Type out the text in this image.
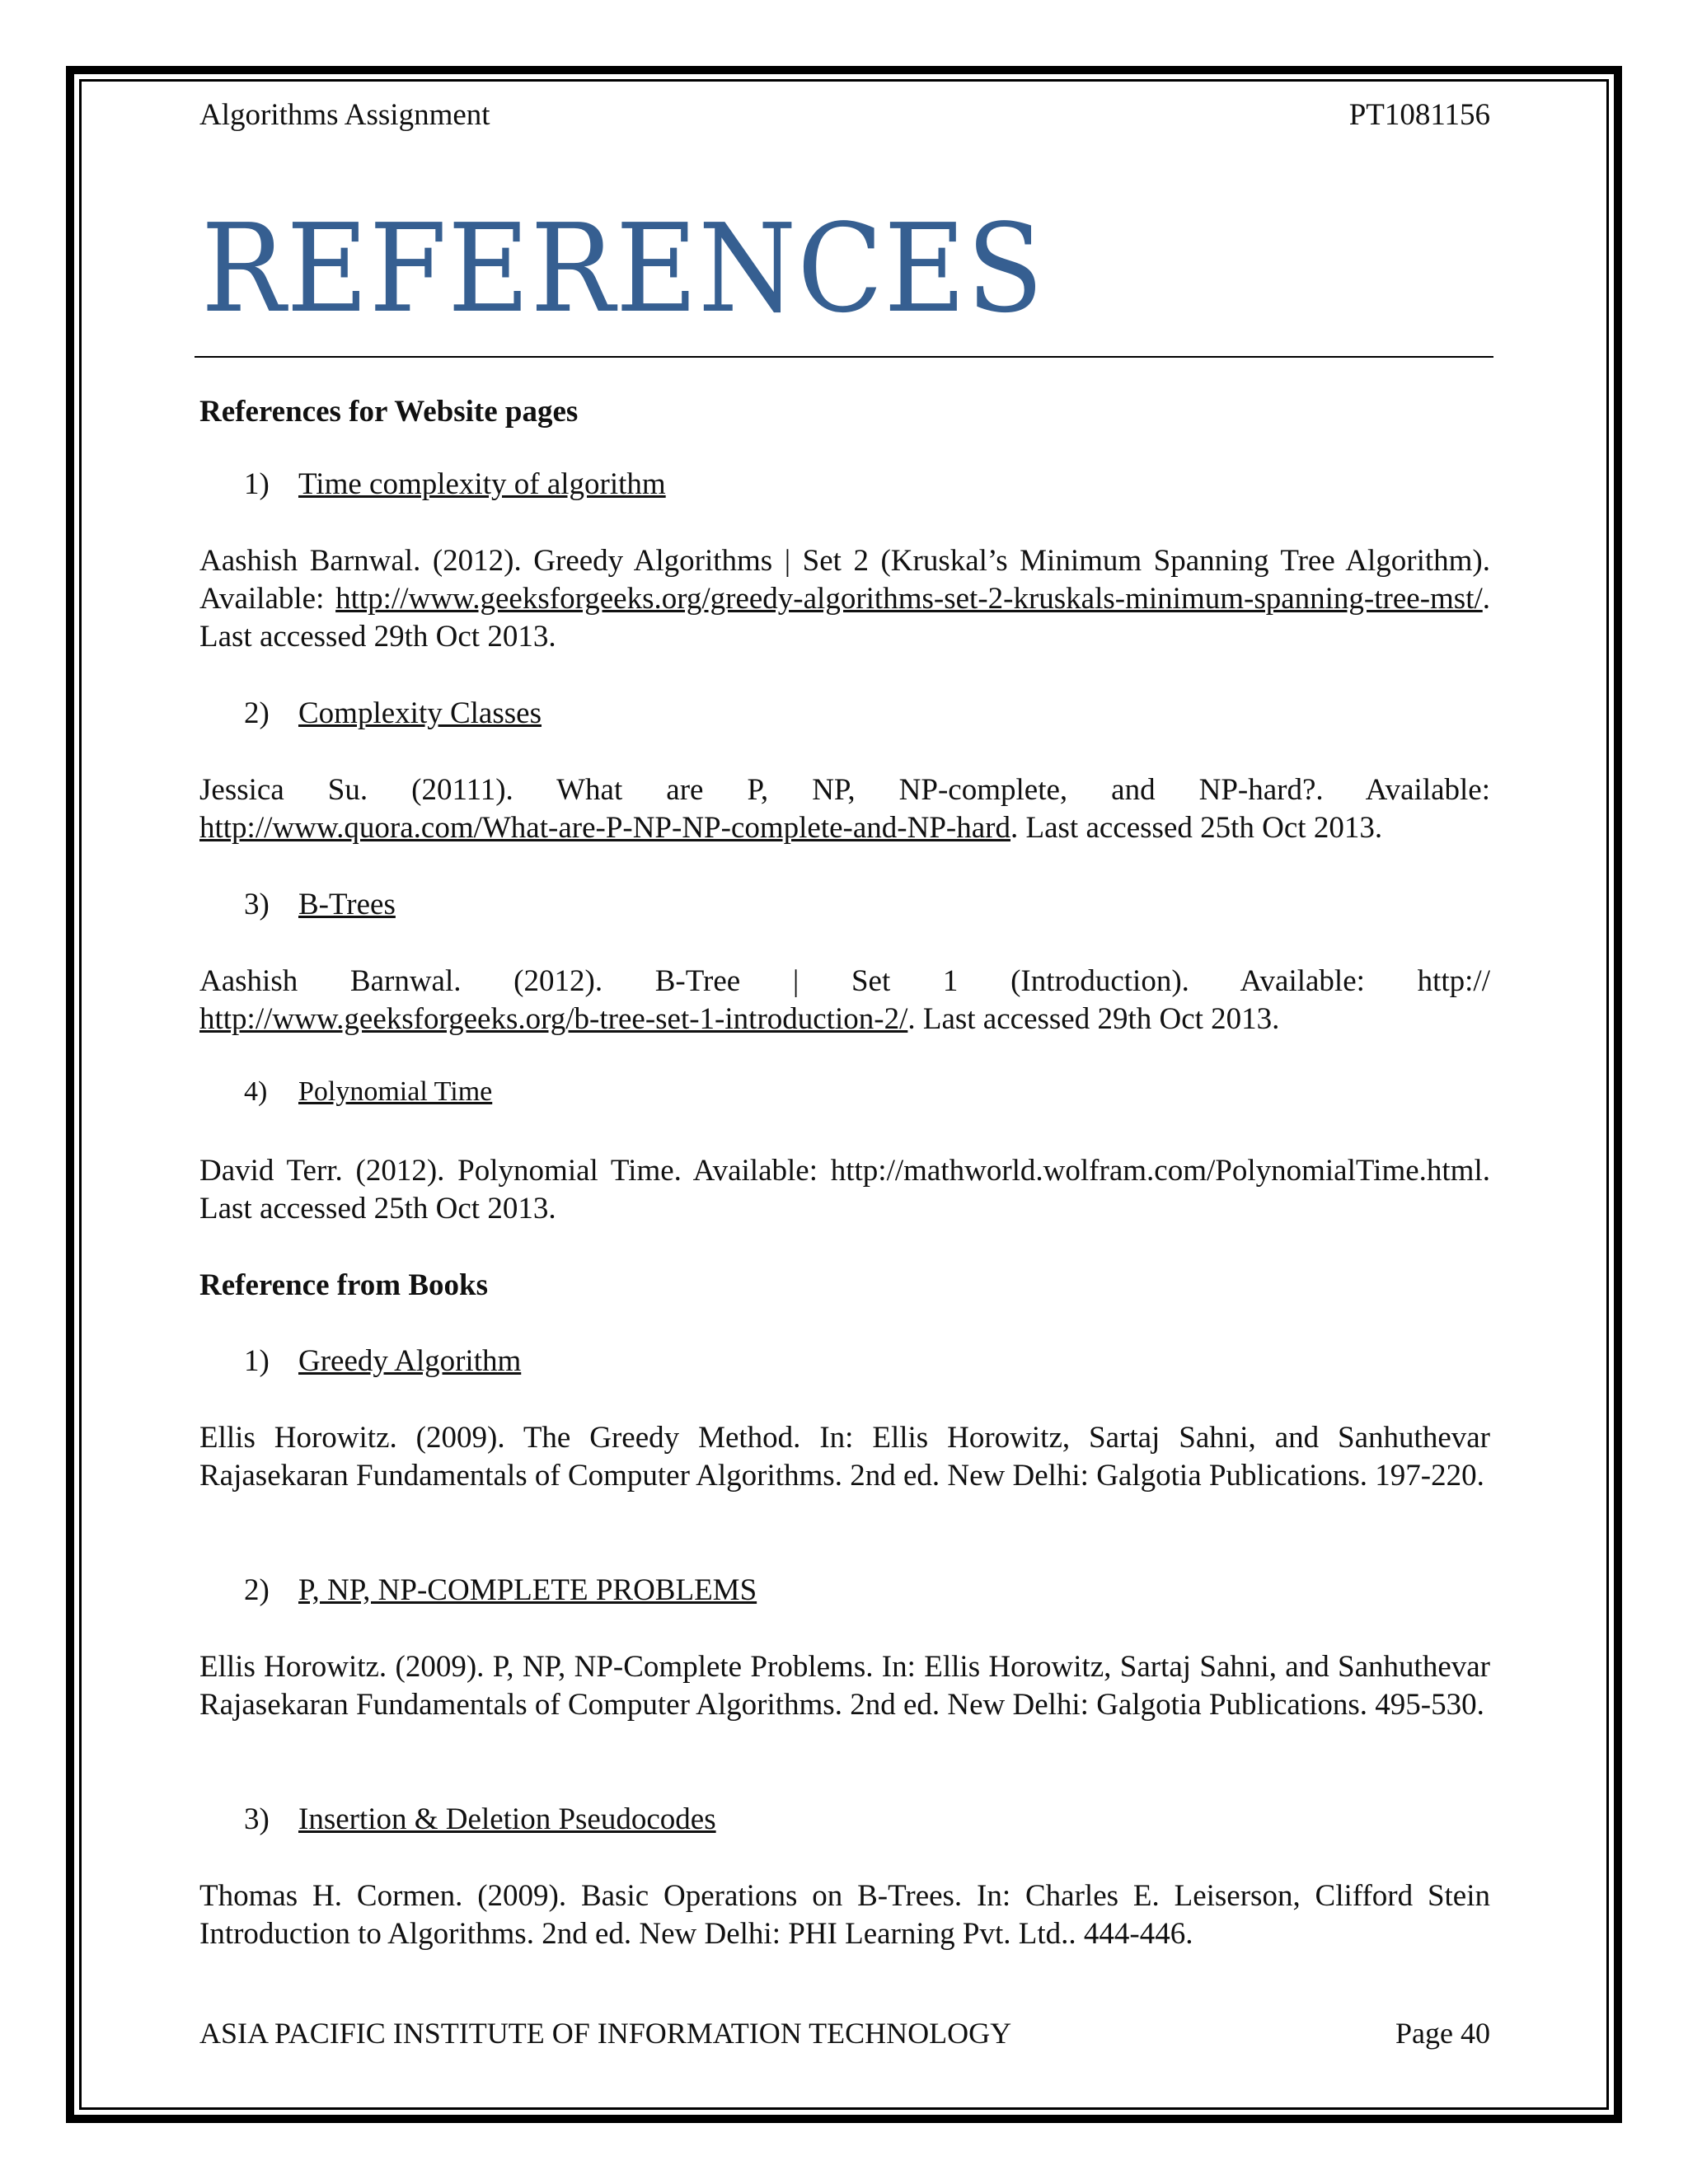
Algorithms Assignment	PT1081156
REFERENCES
References for Website pages
1) Time complexity of algorithm
Aashish Barnwal. (2012). Greedy Algorithms | Set 2 (Kruskal’s Minimum Spanning Tree Algorithm). Available: http://www.geeksforgeeks.org/greedy-algorithms-set-2-kruskals-minimum-spanning-tree-mst/. Last accessed 29th Oct 2013.
2) Complexity Classes
Jessica Su. (20111). What are P, NP, NP-complete, and NP-hard?. Available: http://www.quora.com/What-are-P-NP-NP-complete-and-NP-hard. Last accessed 25th Oct 2013.
3) B-Trees
Aashish Barnwal. (2012). B-Tree | Set 1 (Introduction). Available: http:// http://www.geeksforgeeks.org/b-tree-set-1-introduction-2/. Last accessed 29th Oct 2013.
4) Polynomial Time
David Terr. (2012). Polynomial Time. Available: http://mathworld.wolfram.com/PolynomialTime.html. Last accessed 25th Oct 2013.
Reference from Books
1) Greedy Algorithm
Ellis Horowitz. (2009). The Greedy Method. In: Ellis Horowitz, Sartaj Sahni, and Sanhuthevar Rajasekaran Fundamentals of Computer Algorithms. 2nd ed. New Delhi: Galgotia Publications. 197-220.
2) P, NP, NP-COMPLETE PROBLEMS
Ellis Horowitz. (2009). P, NP, NP-Complete Problems. In: Ellis Horowitz, Sartaj Sahni, and Sanhuthevar Rajasekaran Fundamentals of Computer Algorithms. 2nd ed. New Delhi: Galgotia Publications. 495-530.
3) Insertion & Deletion Pseudocodes
Thomas H. Cormen. (2009). Basic Operations on B-Trees. In: Charles E. Leiserson, Clifford Stein Introduction to Algorithms. 2nd ed. New Delhi: PHI Learning Pvt. Ltd.. 444-446.
ASIA PACIFIC INSTITUTE OF INFORMATION TECHNOLOGY	Page 40
